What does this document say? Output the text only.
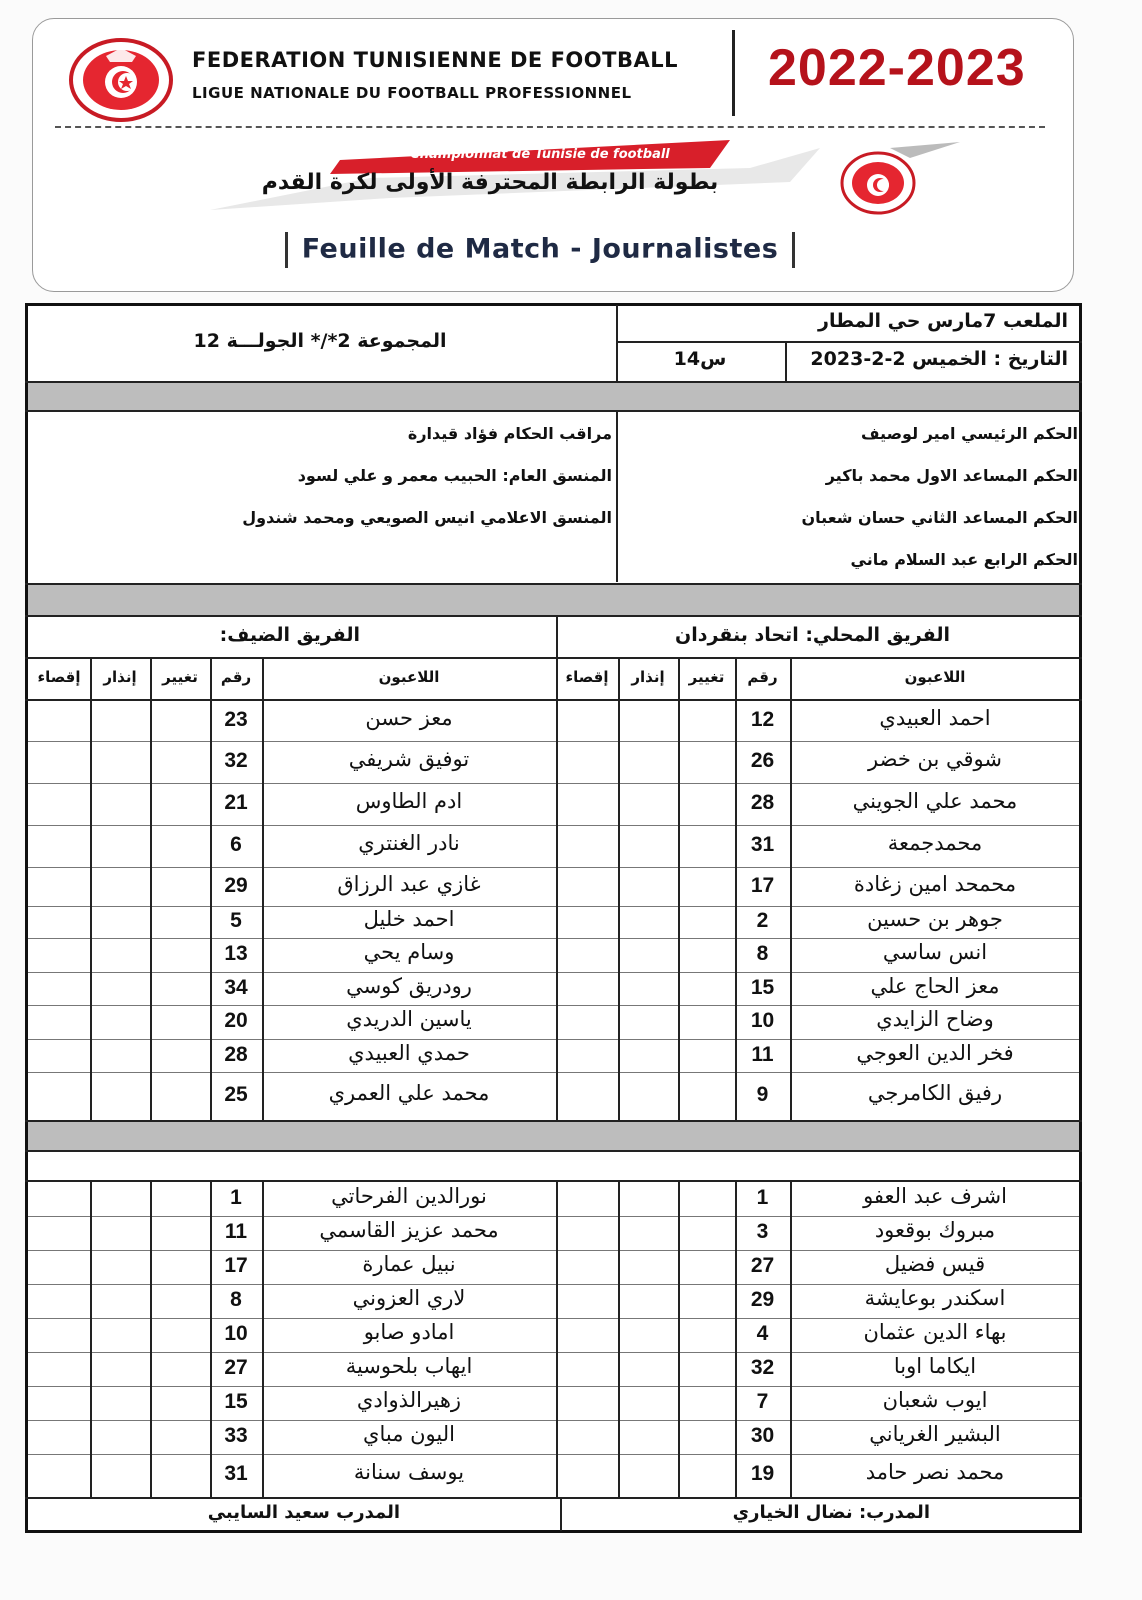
FEDERATION TUNISIENNE DE FOOTBALL
LIGUE NATIONALE DU FOOTBALL PROFESSIONNEL	2022-2023
Championnat de Tunisie de football
بطولة الرابطة المحترفة الأولى لكرة القدم
Feuille de Match - Journalistes
الملعب 7مارس حي المطار
التاريخ : الخميس 2-2-2023
س14
المجموعة 2*/* الجولـــة 12
الحكم الرئيسي امير لوصيف
الحكم المساعد الاول محمد باكير
الحكم المساعد الثاني حسان شعبان
الحكم الرابع عبد السلام ماني
مراقب الحكام فؤاد قيدارة
المنسق العام: الحبيب معمر و علي لسود
المنسق الاعلامي انيس الصويعي ومحمد شندول
الفريق المحلي: اتحاد بنقردان
الفريق الضيف:
اللاعبون
رقم
تغيير
إنذار
إقصاء
اللاعبون
رقم
تغيير
إنذار
إقصاء
المدرب: نضال الخياري
المدرب سعيد السايبي
احمد العبيدي
12
شوقي بن خضر
26
محمد علي الجويني
28
محمدجمعة
31
محمحد امين زغادة
17
جوهر بن حسين
2
انس ساسي
8
معز الحاج علي
15
وضاح الزايدي
10
فخر الدين العوجي
11
رفيق الكامرجي
9
معز حسن
23
توفيق شريفي
32
ادم الطاوس
21
نادر الغنتري
6
غازي عبد الرزاق
29
احمد خليل
5
وسام يحي
13
رودريق كوسي
34
ياسين الدريدي
20
حمدي العبيدي
28
محمد علي العمري
25
اشرف عبد العفو
1
مبروك بوقعود
3
قيس فضيل
27
اسكندر بوعايشة
29
بهاء الدين عثمان
4
ايكاما اوبا
32
ايوب شعبان
7
البشير الغرياني
30
محمد نصر حامد
19
نورالدين الفرحاتي
1
محمد عزيز القاسمي
11
نبيل عمارة
17
لاري العزوني
8
امادو صابو
10
ايهاب بلحوسية
27
زهيرالذوادي
15
اليون مباي
33
يوسف سنانة
31
